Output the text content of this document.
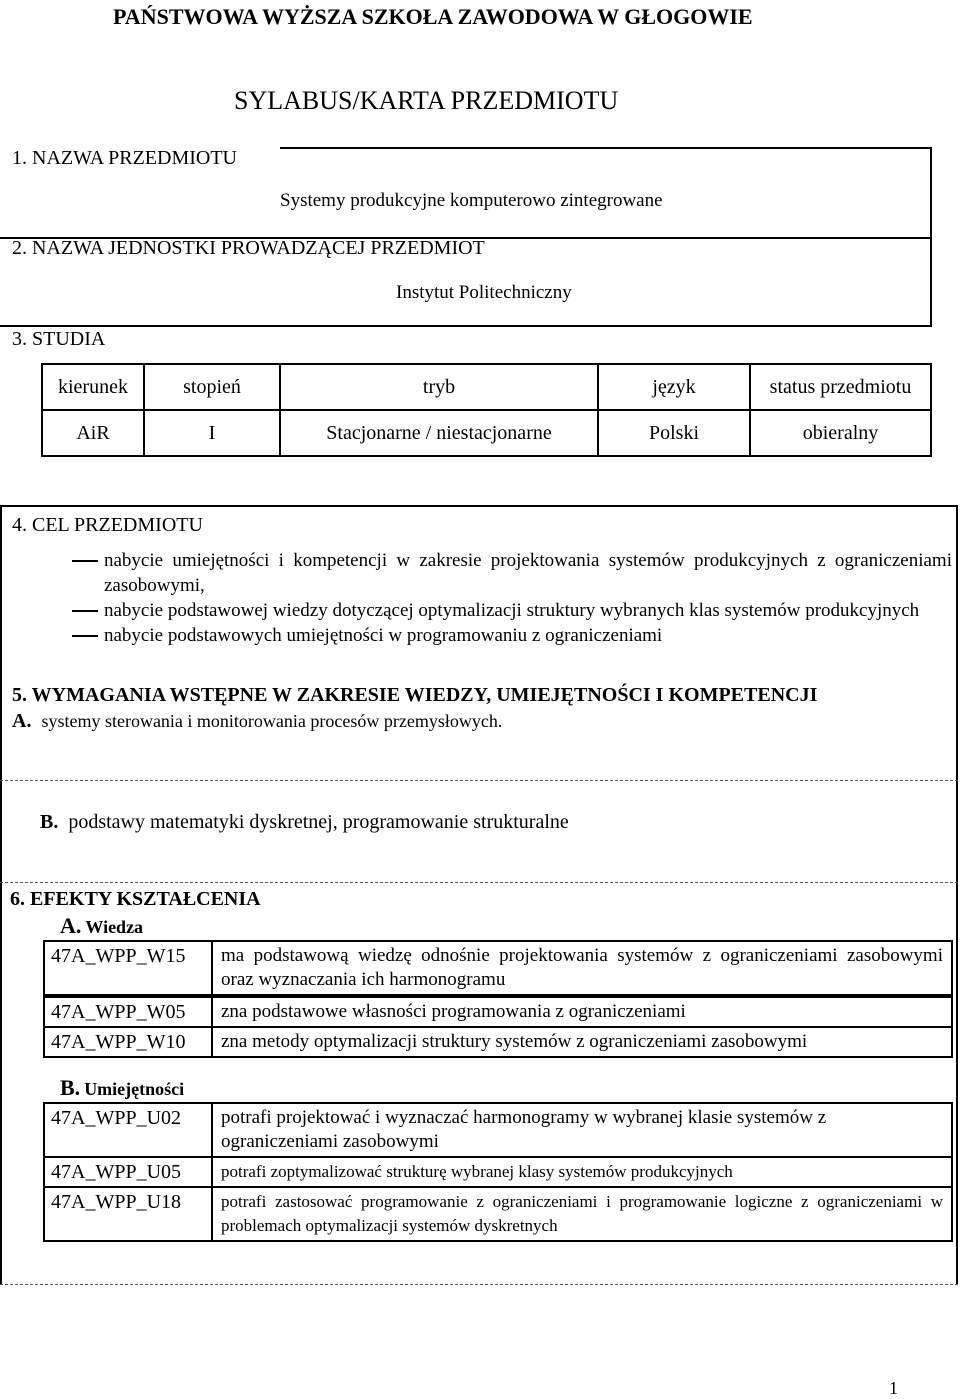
PAŃSTWOWA WYŻSZA SZKOŁA ZAWODOWA W GŁOGOWIE
SYLABUS/KARTA PRZEDMIOTU
1. NAZWA PRZEDMIOTU
Systemy produkcyjne komputerowo zintegrowane
2. NAZWA JEDNOSTKI PROWADZĄCEJ PRZEDMIOT
Instytut Politechniczny
3. STUDIA
kierunek	stopień	tryb	język	status przedmiotu
AiR	I	Stacjonarne / niestacjonarne	Polski	obieralny
4. CEL PRZEDMIOTU
nabycie umiejętności i kompetencji w zakresie projektowania systemów produkcyjnych z ograniczeniami zasobowymi,
nabycie podstawowej wiedzy dotyczącej optymalizacji struktury wybranych klas systemów produkcyjnych
nabycie podstawowych umiejętności w programowaniu z ograniczeniami
5. WYMAGANIA WSTĘPNE W ZAKRESIE WIEDZY, UMIEJĘTNOŚCI I KOMPETENCJI
A. systemy sterowania i monitorowania procesów przemysłowych.
B. podstawy matematyki dyskretnej, programowanie strukturalne
6. EFEKTY KSZTAŁCENIA
A. Wiedza
47A_WPP_W15	ma podstawową wiedzę odnośnie projektowania systemów z ograniczeniami zasobowymi oraz wyznaczania ich harmonogramu
47A_WPP_W05	zna podstawowe własności programowania z ograniczeniami
47A_WPP_W10	zna metody optymalizacji struktury systemów z ograniczeniami zasobowymi
B. Umiejętności
47A_WPP_U02	potrafi projektować i wyznaczać harmonogramy w wybranej klasie systemów z ograniczeniami zasobowymi
47A_WPP_U05	potrafi zoptymalizować strukturę wybranej klasy systemów produkcyjnych
47A_WPP_U18	potrafi zastosować programowanie z ograniczeniami i programowanie logiczne z ograniczeniami w problemach optymalizacji systemów dyskretnych
1
